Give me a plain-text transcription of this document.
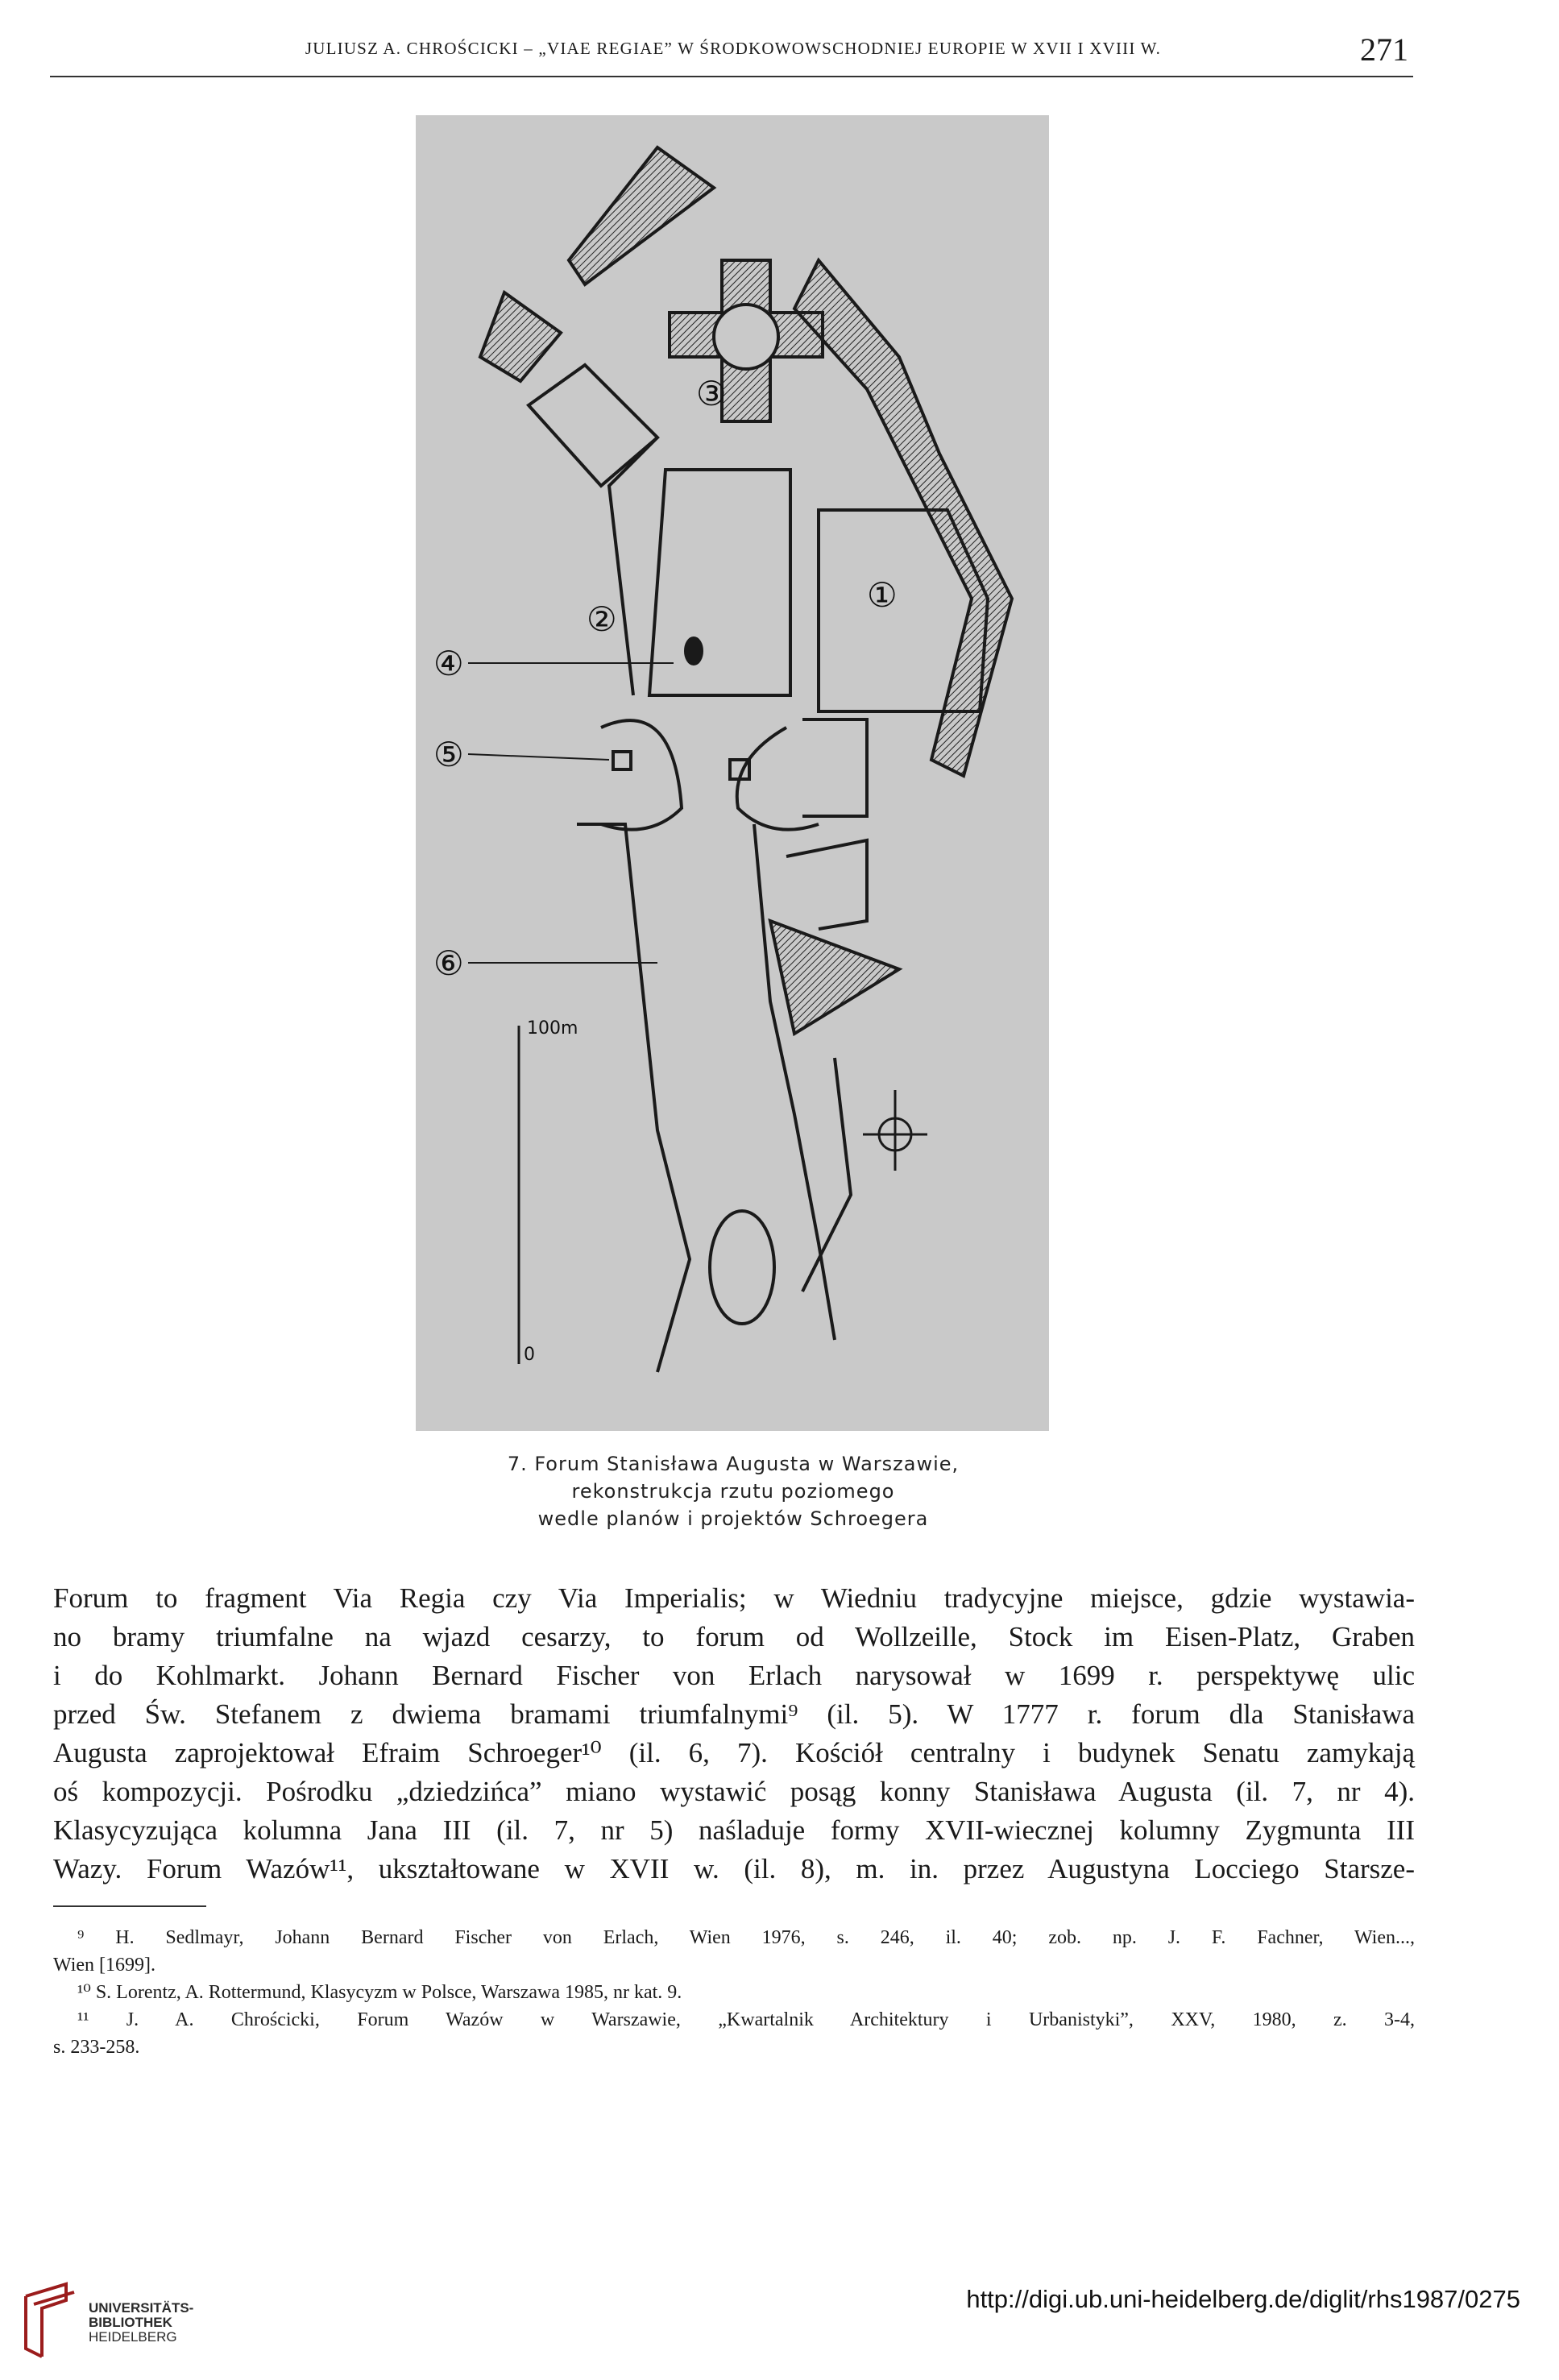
JULIUSZ A. CHROŚCICKI – „VIAE REGIAE” W ŚRODKOWOWSCHODNIEJ EUROPIE W XVII I XVIII W.	271
③
②
①
④
⑤
⑥
100m
0
7. Forum Stanisława Augusta w Warszawie,
rekonstrukcja rzutu poziomego
wedle planów i projektów Schroegera
Forum to fragment Via Regia czy Via Imperialis; w Wiedniu tradycyjne miejsce, gdzie wystawia-
no bramy triumfalne na wjazd cesarzy, to forum od Wollzeille, Stock im Eisen-Platz, Graben
i do Kohlmarkt. Johann Bernard Fischer von Erlach narysował w 1699 r. perspektywę ulic
przed Św. Stefanem z dwiema bramami triumfalnymi⁹ (il. 5). W 1777 r. forum dla Stanisława
Augusta zaprojektował Efraim Schroeger¹⁰ (il. 6, 7). Kościół centralny i budynek Senatu zamykają
oś kompozycji. Pośrodku „dziedzińca” miano wystawić posąg konny Stanisława Augusta (il. 7, nr 4).
Klasycyzująca kolumna Jana III (il. 7, nr 5) naśladuje formy XVII-wiecznej kolumny Zygmunta III
Wazy. Forum Wazów¹¹, ukształtowane w XVII w. (il. 8), m. in. przez Augustyna Locciego Starsze-
⁹ H. Sedlmayr, Johann Bernard Fischer von Erlach, Wien 1976, s. 246, il. 40; zob. np. J. F. Fachner, Wien...,
Wien [1699].
¹⁰ S. Lorentz, A. Rottermund, Klasycyzm w Polsce, Warszawa 1985, nr kat. 9.
¹¹ J. A. Chrościcki, Forum Wazów w Warszawie, „Kwartalnik Architektury i Urbanistyki”, XXV, 1980, z. 3-4,
s. 233-258.
UNIVERSITÄTS-
BIBLIOTHEK
HEIDELBERG
http://digi.ub.uni-heidelberg.de/diglit/rhs1987/0275
